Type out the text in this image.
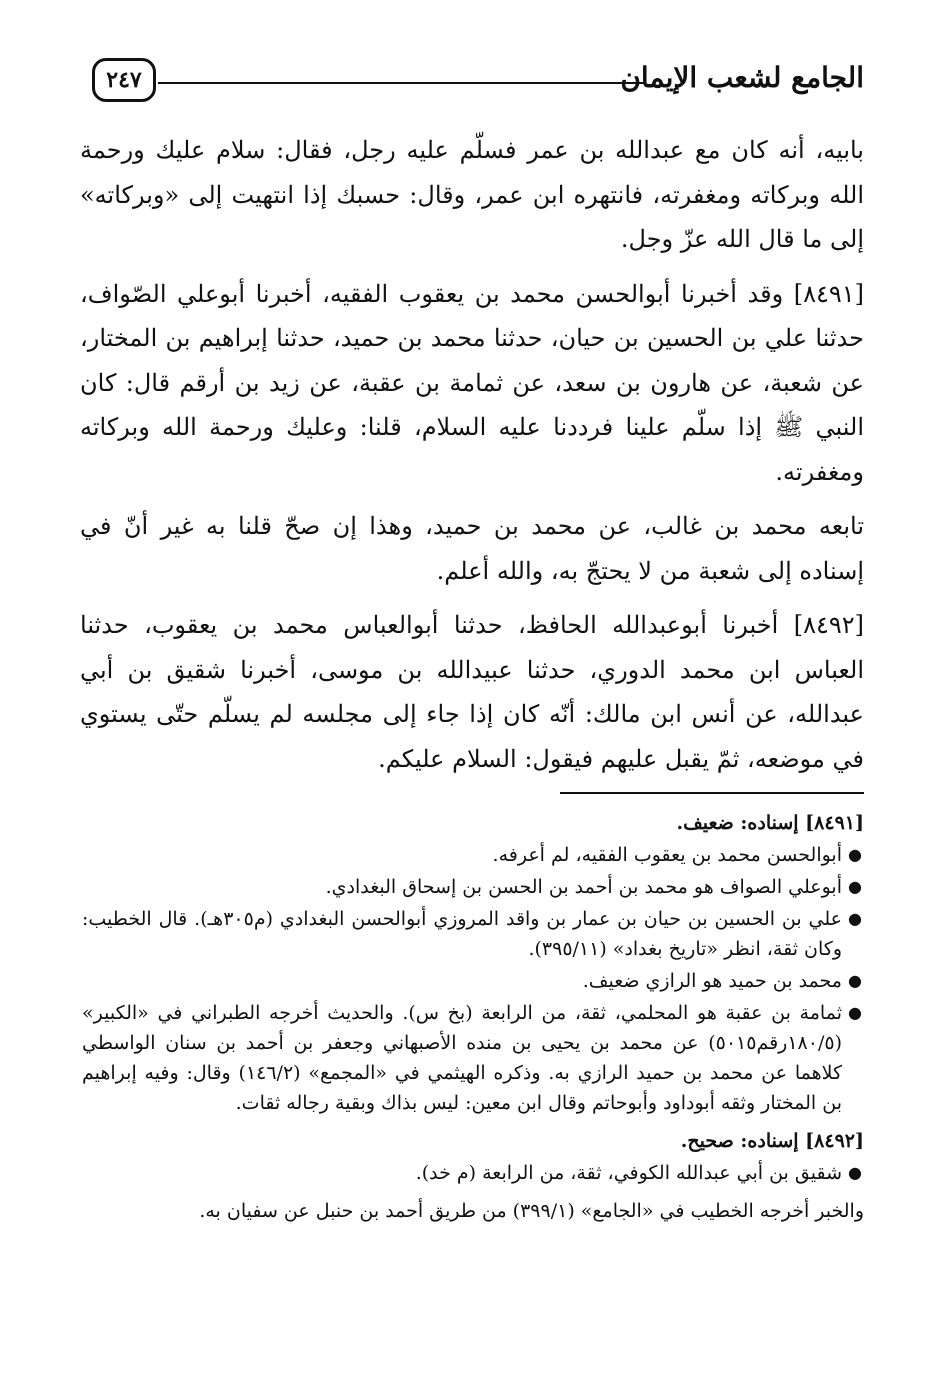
٢٤٧	الجامع لشعب الإيمان

بابيه، أنه كان مع عبدالله بن عمر فسلّم عليه رجل، فقال: سلام عليك ورحمة الله وبركاته ومغفرته، فانتهره ابن عمر، وقال: حسبك إذا انتهيت إلى «وبركاته» إلى ما قال الله عزّ وجل.

[٨٤٩١] وقد أخبرنا أبوالحسن محمد بن يعقوب الفقيه، أخبرنا أبوعلي الصّواف، حدثنا علي بن الحسين بن حيان، حدثنا محمد بن حميد، حدثنا إبراهيم بن المختار، عن شعبة، عن هارون بن سعد، عن ثمامة بن عقبة، عن زيد بن أرقم قال: كان النبي ﷺ إذا سلّم علينا فرددنا عليه السلام، قلنا: وعليك ورحمة الله وبركاته ومغفرته.

تابعه محمد بن غالب، عن محمد بن حميد، وهذا إن صحّ قلنا به غير أنّ في إسناده إلى شعبة من لا يحتجّ به، والله أعلم.

[٨٤٩٢] أخبرنا أبوعبدالله الحافظ، حدثنا أبوالعباس محمد بن يعقوب، حدثنا العباس ابن محمد الدوري، حدثنا عبيدالله بن موسى، أخبرنا شقيق بن أبي عبدالله، عن أنس ابن مالك: أنّه كان إذا جاء إلى مجلسه لم يسلّم حتّى يستوي في موضعه، ثمّ يقبل عليهم فيقول: السلام عليكم.

[٨٤٩١] إسناده: ضعيف.

●
أبوالحسن محمد بن يعقوب الفقيه، لم أعرفه.
●
أبوعلي الصواف هو محمد بن أحمد بن الحسن بن إسحاق البغدادي.
●
علي بن الحسين بن حيان بن عمار بن واقد المروزي أبوالحسن البغدادي (م٣٠٥هـ). قال الخطيب: وكان ثقة، انظر «تاريخ بغداد» (٣٩٥/١١).
●
محمد بن حميد هو الرازي ضعيف.
●
ثمامة بن عقبة هو المحلمي، ثقة، من الرابعة (بخ س). والحديث أخرجه الطبراني في «الكبير» (١٨٠/٥رقم٥٠١٥) عن محمد بن يحيى بن منده الأصبهاني وجعفر بن أحمد بن سنان الواسطي كلاهما عن محمد بن حميد الرازي به. وذكره الهيثمي في «المجمع» (١٤٦/٢) وقال: وفيه إبراهيم بن المختار وثقه أبوداود وأبوحاتم وقال ابن معين: ليس بذاك وبقية رجاله ثقات.

[٨٤٩٢] إسناده: صحيح.

●
شقيق بن أبي عبدالله الكوفي، ثقة، من الرابعة (م خد).

والخبر أخرجه الخطيب في «الجامع» (٣٩٩/١) من طريق أحمد بن حنبل عن سفيان به.
